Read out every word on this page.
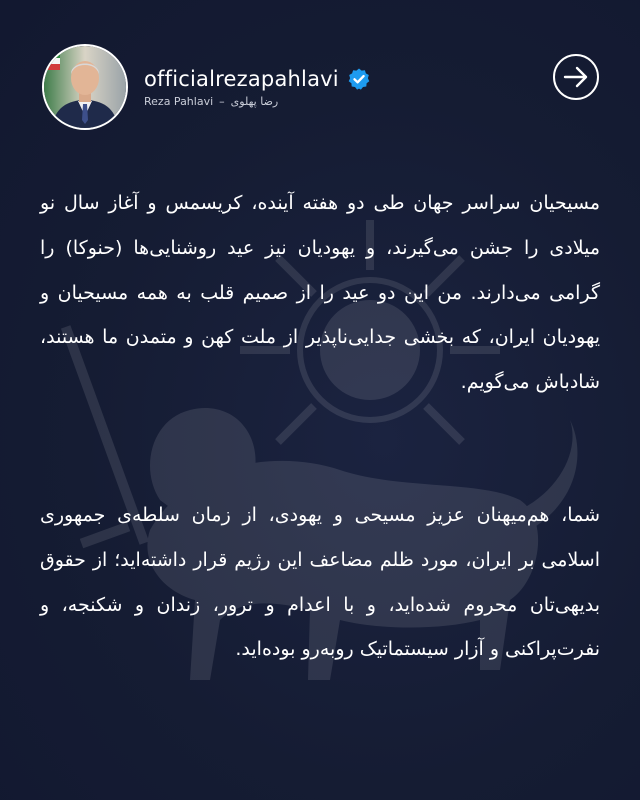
officialrezapahlavi
Reza Pahlavi – رضا پهلوی

مسیحیان سراسر جهان طی دو هفته آینده، کریسمس و آغاز سال نو میلادی را جشن می‌گیرند، و یهودیان نیز عید روشنایی‌ها (حنوکا) را گرامی می‌دارند. من این دو عید را از صمیم قلب به همه مسیحیان و یهودیان ایران، که بخشی جدایی‌ناپذیر از ملت کهن و متمدن ما هستند، شادباش می‌گویم.

شما، هم‌میهنان عزیز مسیحی و یهودی، از زمان سلطه‌ی جمهوری اسلامی بر ایران، مورد ظلم مضاعف این رژیم قرار داشته‌اید؛ از حقوق بدیهی‌تان محروم شده‌اید، و با اعدام و ترور، زندان و شکنجه، و نفرت‌پراکنی و آزار سیستماتیک روبه‌رو بوده‌اید.
